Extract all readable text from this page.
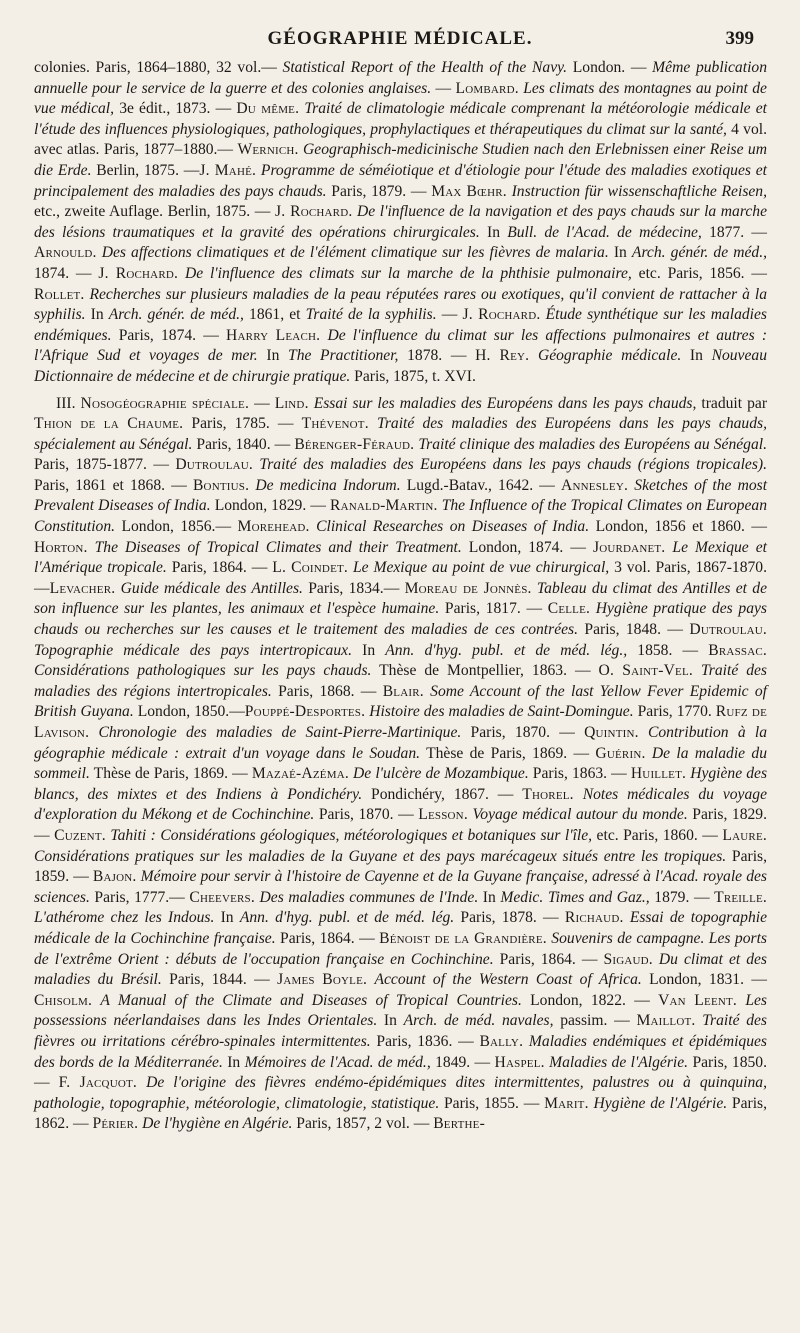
GÉOGRAPHIE MÉDICALE.	399

colonies. Paris, 1864–1880, 32 vol.— Statistical Report of the Health of the Navy. London. — Même publication annuelle pour le service de la guerre et des colonies anglaises. — Lombard. Les climats des montagnes au point de vue médical, 3e édit., 1873. — Du même. Traité de climatologie médicale comprenant la météorologie médicale et l'étude des influences physiologiques, pathologiques, prophylactiques et thérapeutiques du climat sur la santé, 4 vol. avec atlas. Paris, 1877–1880.— Wernich. Geographisch-medicinische Studien nach den Erlebnissen einer Reise um die Erde. Berlin, 1875. —J. Mahé. Programme de séméiotique et d'étiologie pour l'étude des maladies exotiques et principalement des maladies des pays chauds. Paris, 1879. — Max Bœhr. Instruction für wissenschaftliche Reisen, etc., zweite Auflage. Berlin, 1875. — J. Rochard. De l'influence de la navigation et des pays chauds sur la marche des lésions traumatiques et la gravité des opérations chirurgicales. In Bull. de l'Acad. de médecine, 1877. — Arnould. Des affections climatiques et de l'élément climatique sur les fièvres de malaria. In Arch. génér. de méd., 1874. — J. Rochard. De l'influence des climats sur la marche de la phthisie pulmonaire, etc. Paris, 1856. — Rollet. Recherches sur plusieurs maladies de la peau réputées rares ou exotiques, qu'il convient de rattacher à la syphilis. In Arch. génér. de méd., 1861, et Traité de la syphilis. — J. Rochard. Étude synthétique sur les maladies endémiques. Paris, 1874. — Harry Leach. De l'influence du climat sur les affections pulmonaires et autres : l'Afrique Sud et voyages de mer. In The Practitioner, 1878. — H. Rey. Géographie médicale. In Nouveau Dictionnaire de médecine et de chirurgie pratique. Paris, 1875, t. XVI.

III. Nosogéographie spéciale. — Lind. Essai sur les maladies des Européens dans les pays chauds, traduit par Thion de la Chaume. Paris, 1785. — Thévenot. Traité des maladies des Européens dans les pays chauds, spécialement au Sénégal. Paris, 1840. — Bérenger-Féraud. Traité clinique des maladies des Européens au Sénégal. Paris, 1875-1877. — Dutroulau. Traité des maladies des Européens dans les pays chauds (régions tropicales). Paris, 1861 et 1868. — Bontius. De medicina Indorum. Lugd.-Batav., 1642. — Annesley. Sketches of the most Prevalent Diseases of India. London, 1829. — Ranald-Martin. The Influence of the Tropical Climates on European Constitution. London, 1856.— Morehead. Clinical Researches on Diseases of India. London, 1856 et 1860. — Horton. The Diseases of Tropical Climates and their Treatment. London, 1874. — Jourdanet. Le Mexique et l'Amérique tropicale. Paris, 1864. — L. Coindet. Le Mexique au point de vue chirurgical, 3 vol. Paris, 1867-1870. —Levacher. Guide médicale des Antilles. Paris, 1834.— Moreau de Jonnès. Tableau du climat des Antilles et de son influence sur les plantes, les animaux et l'espèce humaine. Paris, 1817. — Celle. Hygiène pratique des pays chauds ou recherches sur les causes et le traitement des maladies de ces contrées. Paris, 1848. — Dutroulau. Topographie médicale des pays intertropicaux. In Ann. d'hyg. publ. et de méd. lég., 1858. — Brassac. Considérations pathologiques sur les pays chauds. Thèse de Montpellier, 1863. — O. Saint-Vel. Traité des maladies des régions intertropicales. Paris, 1868. — Blair. Some Account of the last Yellow Fever Epidemic of British Guyana. London, 1850.—Pouppé-Desportes. Histoire des maladies de Saint-Domingue. Paris, 1770. Rufz de Lavison. Chronologie des maladies de Saint-Pierre-Martinique. Paris, 1870. — Quintin. Contribution à la géographie médicale : extrait d'un voyage dans le Soudan. Thèse de Paris, 1869. — Guérin. De la maladie du sommeil. Thèse de Paris, 1869. — Mazaé-Azéma. De l'ulcère de Mozambique. Paris, 1863. — Huillet. Hygiène des blancs, des mixtes et des Indiens à Pondichéry. Pondichéry, 1867. — Thorel. Notes médicales du voyage d'exploration du Mékong et de Cochinchine. Paris, 1870. — Lesson. Voyage médical autour du monde. Paris, 1829. — Cuzent. Tahiti : Considérations géologiques, météorologiques et botaniques sur l'île, etc. Paris, 1860. — Laure. Considérations pratiques sur les maladies de la Guyane et des pays marécageux situés entre les tropiques. Paris, 1859. — Bajon. Mémoire pour servir à l'histoire de Cayenne et de la Guyane française, adressé à l'Acad. royale des sciences. Paris, 1777.— Cheevers. Des maladies communes de l'Inde. In Medic. Times and Gaz., 1879. — Treille. L'athérome chez les Indous. In Ann. d'hyg. publ. et de méd. lég. Paris, 1878. — Richaud. Essai de topographie médicale de la Cochinchine française. Paris, 1864. — Bénoist de la Grandière. Souvenirs de campagne. Les ports de l'extrême Orient : débuts de l'occupation française en Cochinchine. Paris, 1864. — Sigaud. Du climat et des maladies du Brésil. Paris, 1844. — James Boyle. Account of the Western Coast of Africa. London, 1831. — Chisolm. A Manual of the Climate and Diseases of Tropical Countries. London, 1822. — Van Leent. Les possessions néerlandaises dans les Indes Orientales. In Arch. de méd. navales, passim. — Maillot. Traité des fièvres ou irritations cérébro-spinales intermittentes. Paris, 1836. — Bally. Maladies endémiques et épidémiques des bords de la Méditerranée. In Mémoires de l'Acad. de méd., 1849. — Haspel. Maladies de l'Algérie. Paris, 1850. — F. Jacquot. De l'origine des fièvres endémo-épidémiques dites intermittentes, palustres ou à quinquina, pathologie, topographie, météorologie, climatologie, statistique. Paris, 1855. — Marit. Hygiène de l'Algérie. Paris, 1862. — Périer. De l'hygiène en Algérie. Paris, 1857, 2 vol. — Berthe-
